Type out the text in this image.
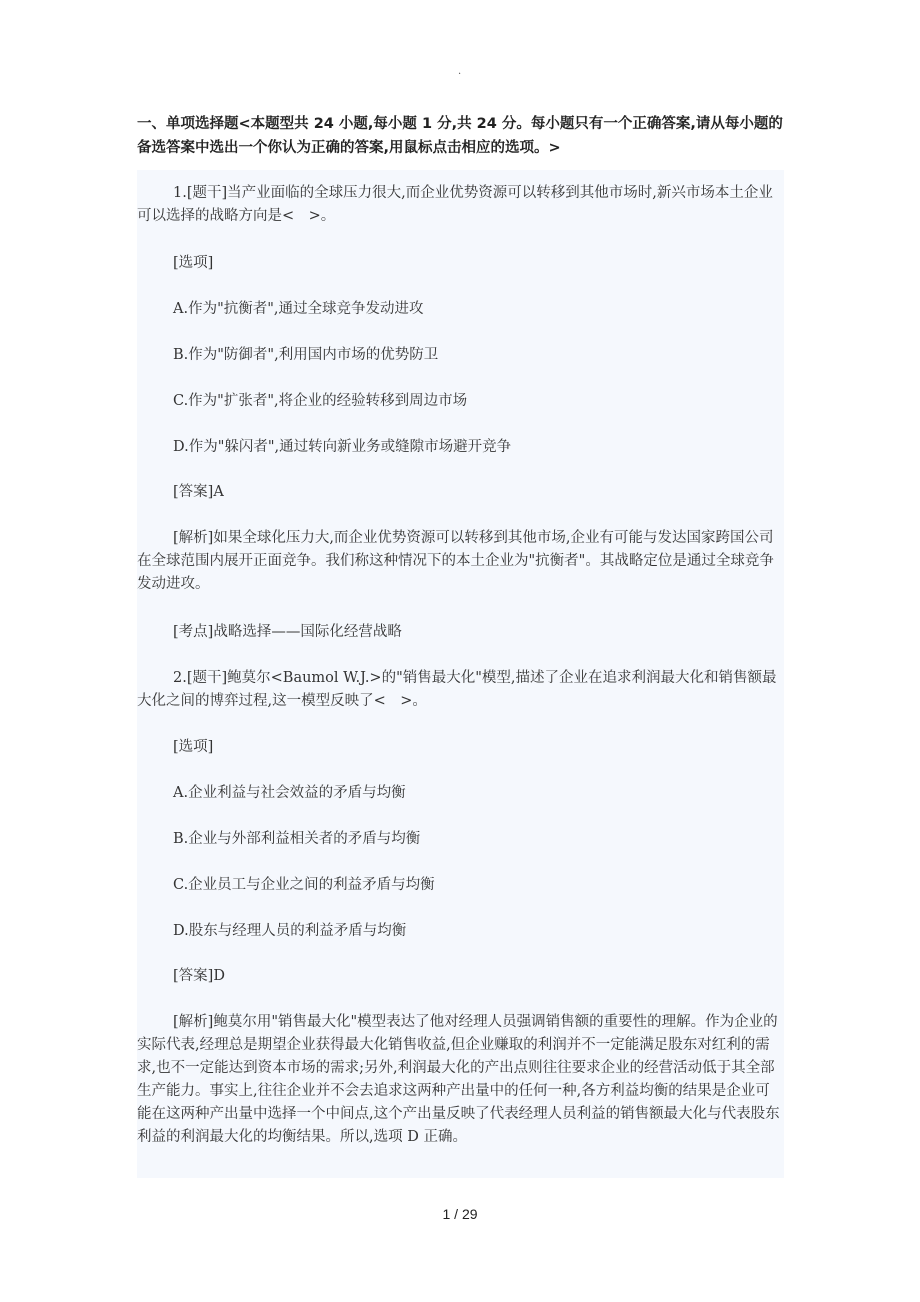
.
一、单项选择题<本题型共 24 小题,每小题 1 分,共 24 分。每小题只有一个正确答案,请从每小题的备选答案中选出一个你认为正确的答案,用鼠标点击相应的选项。>

1.[题干]当产业面临的全球压力很大,而企业优势资源可以转移到其他市场时,新兴市场本土企业可以选择的战略方向是<　>。

[选项]

A.作为"抗衡者",通过全球竞争发动进攻

B.作为"防御者",利用国内市场的优势防卫

C.作为"扩张者",将企业的经验转移到周边市场

D.作为"躲闪者",通过转向新业务或缝隙市场避开竞争

[答案]A

[解析]如果全球化压力大,而企业优势资源可以转移到其他市场,企业有可能与发达国家跨国公司在全球范围内展开正面竞争。我们称这种情况下的本土企业为"抗衡者"。其战略定位是通过全球竞争发动进攻。

[考点]战略选择——国际化经营战略

2.[题干]鲍莫尔<Baumol W.J.>的"销售最大化"模型,描述了企业在追求利润最大化和销售额最大化之间的博弈过程,这一模型反映了<　>。

[选项]

A.企业利益与社会效益的矛盾与均衡

B.企业与外部利益相关者的矛盾与均衡

C.企业员工与企业之间的利益矛盾与均衡

D.股东与经理人员的利益矛盾与均衡

[答案]D

[解析]鲍莫尔用"销售最大化"模型表达了他对经理人员强调销售额的重要性的理解。作为企业的实际代表,经理总是期望企业获得最大化销售收益,但企业赚取的利润并不一定能满足股东对红利的需求,也不一定能达到资本市场的需求;另外,利润最大化的产出点则往往要求企业的经营活动低于其全部生产能力。事实上,往往企业并不会去追求这两种产出量中的任何一种,各方利益均衡的结果是企业可能在这两种产出量中选择一个中间点,这个产出量反映了代表经理人员利益的销售额最大化与代表股东利益的利润最大化的均衡结果。所以,选项 D 正确。

1 / 29
